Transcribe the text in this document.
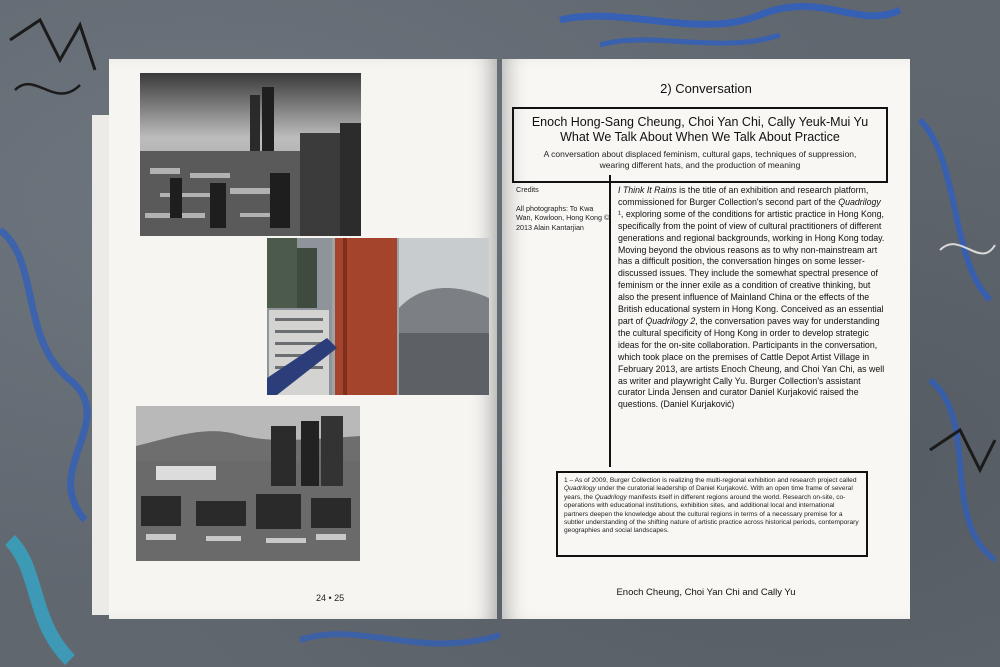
24 • 25
2) Conversation
Enoch Hong-Sang Cheung, Choi Yan Chi, Cally Yeuk-Mui Yu
What We Talk About When We Talk About Practice
A conversation about displaced feminism, cultural gaps, techniques of suppression, wearing different hats, and the production of meaning

Credits

All photographs: To Kwa Wan, Kowloon, Hong Kong © 2013 Alain Kantarjian

I Think It Rains is the title of an exhibition and research platform, commissioned for Burger Collection's second part of the Quadrilogy ¹, exploring some of the conditions for artistic practice in Hong Kong, specifically from the point of view of cultural practitioners of different generations and regional backgrounds, working in Hong Kong today. Moving beyond the obvious reasons as to why non-mainstream art has a difficult position, the conversation hinges on some lesser-discussed issues. They include the somewhat spectral presence of feminism or the inner exile as a condition of creative thinking, but also the present influence of Mainland China or the effects of the British educational system in Hong Kong. Conceived as an essential part of Quadrilogy 2, the conversation paves way for understanding the cultural specificity of Hong Kong in order to develop strategic ideas for the on-site collaboration. Participants in the conversation, which took place on the premises of Cattle Depot Artist Village in February 2013, are artists Enoch Cheung, and Choi Yan Chi, as well as writer and playwright Cally Yu. Burger Collection's assistant curator Linda Jensen and curator Daniel Kurjaković raised the questions. (Daniel Kurjaković)

1 – As of 2009, Burger Collection is realizing the multi-regional exhibition and research project called Quadrilogy under the curatorial leadership of Daniel Kurjaković. With an open time frame of several years, the Quadrilogy manifests itself in different regions around the world. Research on-site, co-operations with educational institutions, exhibition sites, and additional local and international partners deepen the knowledge about the cultural regions in terms of a necessary premise for a subtler understanding of the shifting nature of artistic practice across historical periods, contemporary geographies and social landscapes.
Enoch Cheung, Choi Yan Chi and Cally Yu
